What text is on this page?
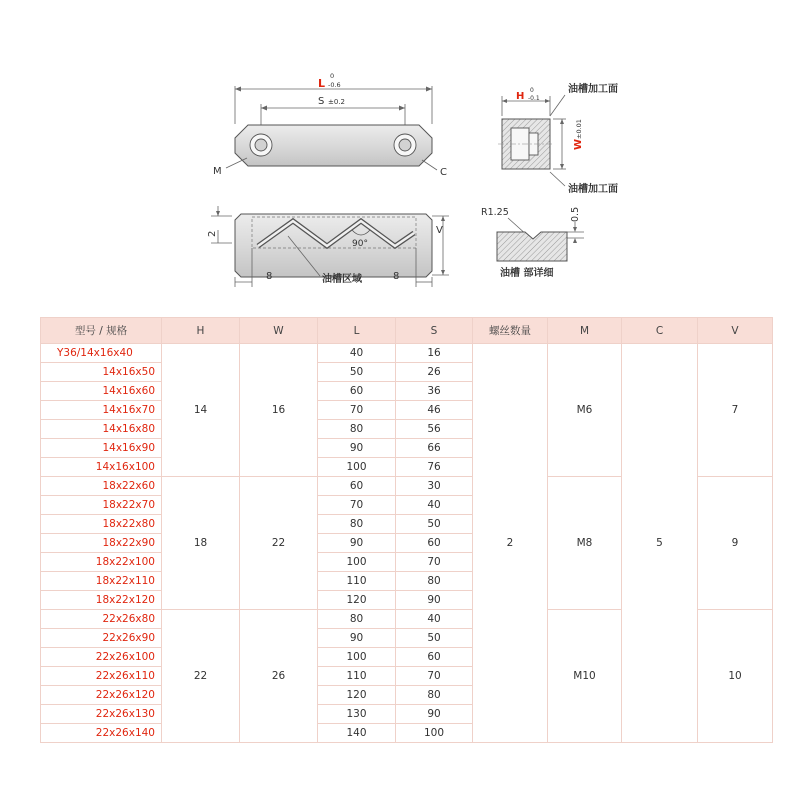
L
0
-0.6
S ±0.2
M	C
H
0
-0.1
W
±0.01
油槽加工面
油槽加工面
2
90°
V
8	8
油槽区域
R1.25	0.5
油槽 部详细
型号 / 规格	H	W	L	S	螺丝数量	M	C	V
Y36/14x16x40	14	16	40	16	2	M6	5	7
14x16x50			50	26				
14x16x60			60	36				
14x16x70			70	46				
14x16x80			80	56				
14x16x90			90	66				
14x16x100			100	76				
18x22x60	18	22	60	30		M8		9
18x22x70			70	40				
18x22x80			80	50				
18x22x90			90	60				
18x22x100			100	70				
18x22x110			110	80				
18x22x120			120	90				
22x26x80	22	26	80	40		M10		10
22x26x90			90	50				
22x26x100			100	60				
22x26x110			110	70				
22x26x120			120	80				
22x26x130			130	90				
22x26x140			140	100				
